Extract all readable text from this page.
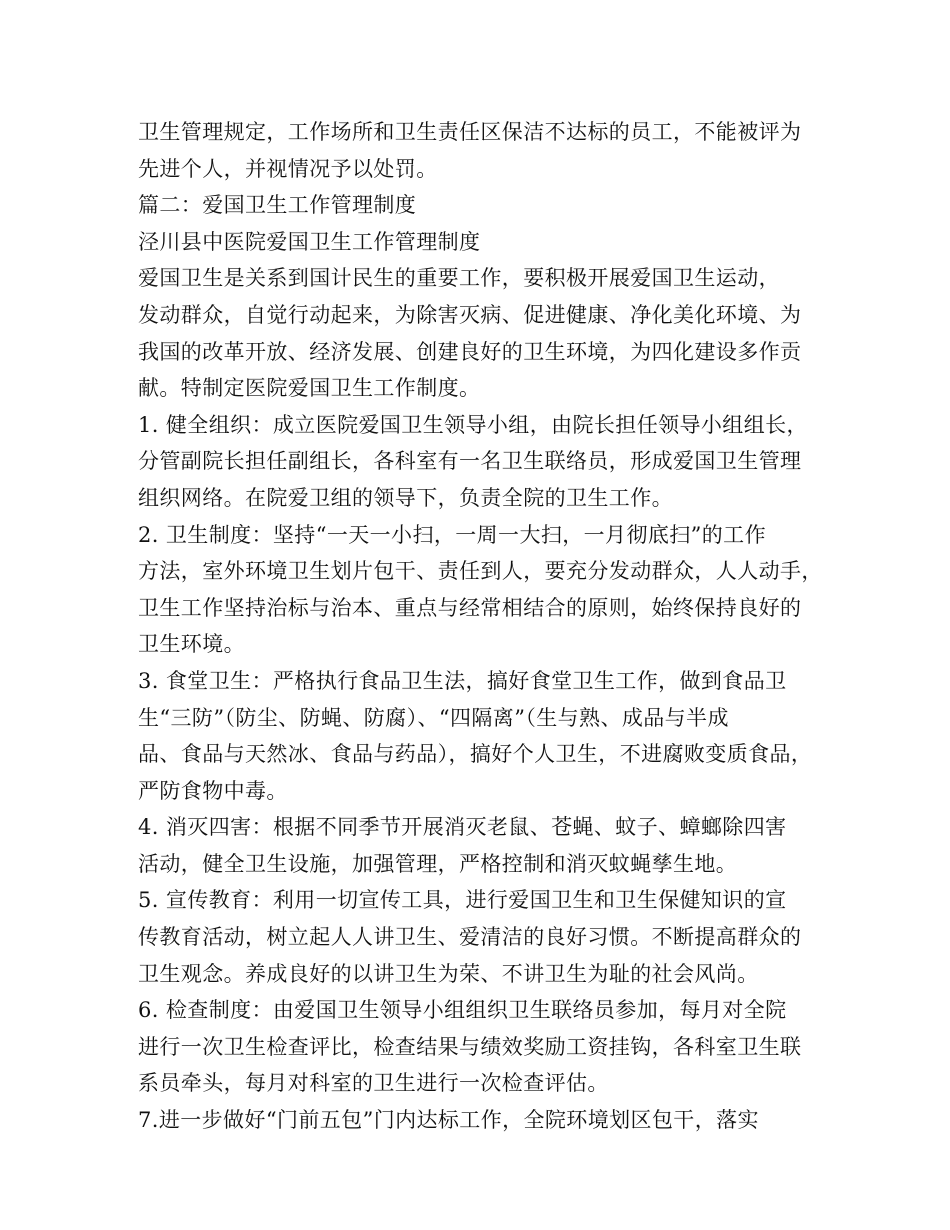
卫生管理规定，工作场所和卫生责任区保洁不达标的员工，不能被评为
先进个人，并视情况予以处罚。
篇二：爱国卫生工作管理制度
泾川县中医院爱国卫生工作管理制度
爱国卫生是关系到国计民生的重要工作，要积极开展爱国卫生运动，
发动群众，自觉行动起来，为除害灭病、促进健康、净化美化环境、为
我国的改革开放、经济发展、创建良好的卫生环境，为四化建设多作贡
献。特制定医院爱国卫生工作制度。
1. 健全组织：成立医院爱国卫生领导小组，由院长担任领导小组组长，
分管副院长担任副组长，各科室有一名卫生联络员，形成爱国卫生管理
组织网络。在院爱卫组的领导下，负责全院的卫生工作。
2. 卫生制度：坚持“一天一小扫，一周一大扫，一月彻底扫”的工作
方法，室外环境卫生划片包干、责任到人，要充分发动群众，人人动手，
卫生工作坚持治标与治本、重点与经常相结合的原则，始终保持良好的
卫生环境。
3. 食堂卫生：严格执行食品卫生法，搞好食堂卫生工作，做到食品卫
生“三防”（防尘、防蝇、防腐）、“四隔离”（生与熟、成品与半成
品、食品与天然冰、食品与药品），搞好个人卫生，不进腐败变质食品，
严防食物中毒。
4. 消灭四害：根据不同季节开展消灭老鼠、苍蝇、蚊子、蟑螂除四害
活动，健全卫生设施，加强管理，严格控制和消灭蚊蝇孳生地。
5. 宣传教育：利用一切宣传工具，进行爱国卫生和卫生保健知识的宣
传教育活动，树立起人人讲卫生、爱清洁的良好习惯。不断提高群众的
卫生观念。养成良好的以讲卫生为荣、不讲卫生为耻的社会风尚。
6. 检查制度：由爱国卫生领导小组组织卫生联络员参加，每月对全院
进行一次卫生检查评比，检查结果与绩效奖励工资挂钩，各科室卫生联
系员牵头，每月对科室的卫生进行一次检查评估。
7.进一步做好“门前五包”门内达标工作，全院环境划区包干，落实
